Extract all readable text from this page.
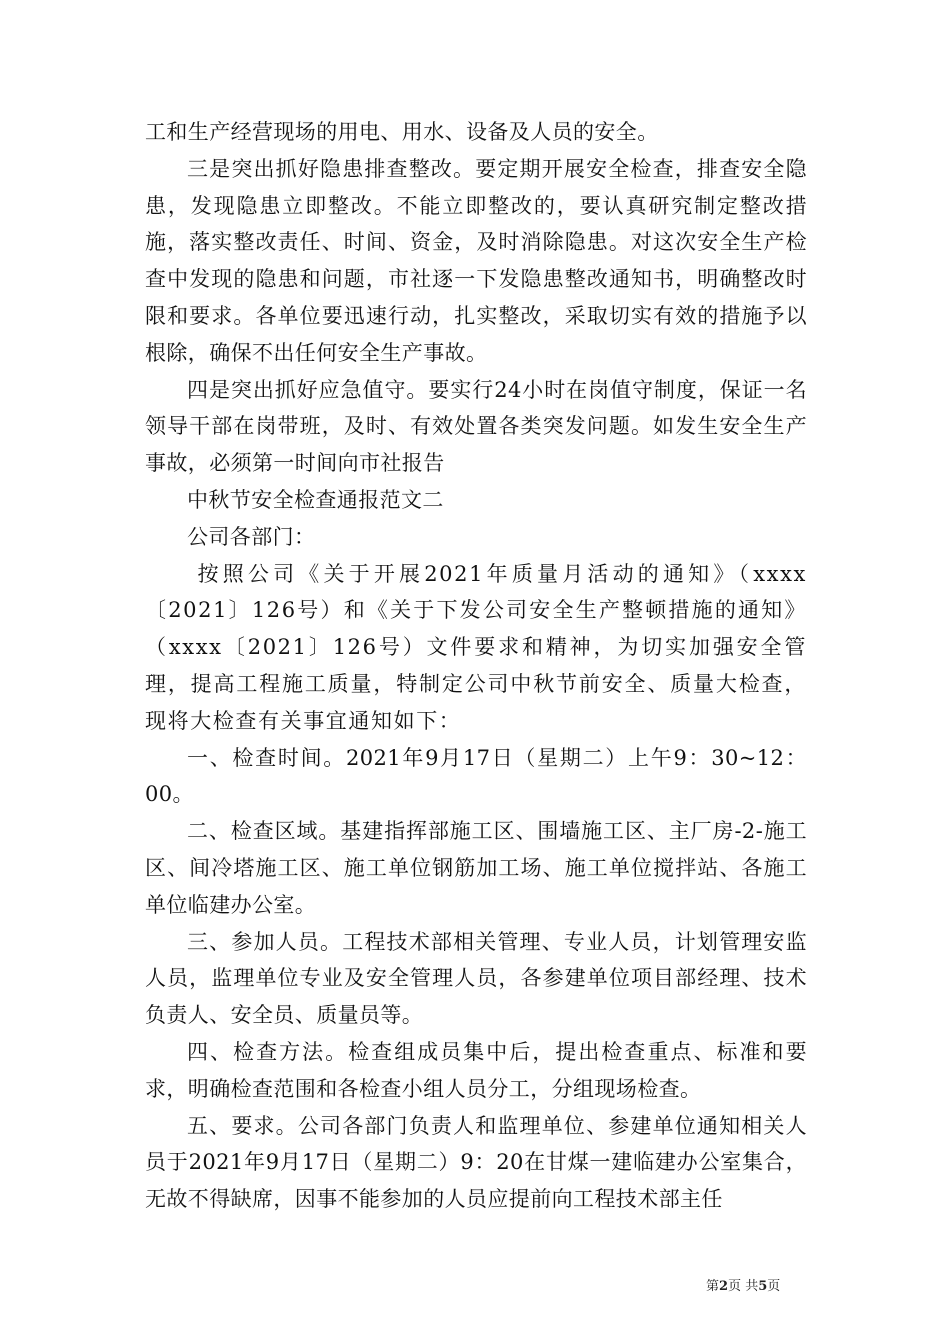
工和生产经营现场的用电、用水、设备及人员的安全。

三是突出抓好隐患排查整改。要定期开展安全检查，排查安全隐患，发现隐患立即整改。不能立即整改的，要认真研究制定整改措施，落实整改责任、时间、资金，及时消除隐患。对这次安全生产检查中发现的隐患和问题，市社逐一下发隐患整改通知书，明确整改时限和要求。各单位要迅速行动，扎实整改，采取切实有效的措施予以根除，确保不出任何安全生产事故。

四是突出抓好应急值守。要实行24小时在岗值守制度，保证一名领导干部在岗带班，及时、有效处置各类突发问题。如发生安全生产事故，必须第一时间向市社报告

中秋节安全检查通报范文二

公司各部门：

按照公司《关于开展2021年质量月活动的通知》（xxxx〔2021〕126号）和《关于下发公司安全生产整顿措施的通知》（xxxx〔2021〕126号）文件要求和精神，为切实加强安全管理，提高工程施工质量，特制定公司中秋节前安全、质量大检查，现将大检查有关事宜通知如下：

一、检查时间。2021年9月17日（星期二）上午9：30~12：00。

二、检查区域。基建指挥部施工区、围墙施工区、主厂房-2-施工区、间冷塔施工区、施工单位钢筋加工场、施工单位搅拌站、各施工单位临建办公室。

三、参加人员。工程技术部相关管理、专业人员，计划管理安监人员，监理单位专业及安全管理人员，各参建单位项目部经理、技术负责人、安全员、质量员等。

四、检查方法。检查组成员集中后，提出检查重点、标准和要求，明确检查范围和各检查小组人员分工，分组现场检查。

五、要求。公司各部门负责人和监理单位、参建单位通知相关人员于2021年9月17日（星期二）9：20在甘煤一建临建办公室集合，无故不得缺席，因事不能参加的人员应提前向工程技术部主任

第2页 共5页
